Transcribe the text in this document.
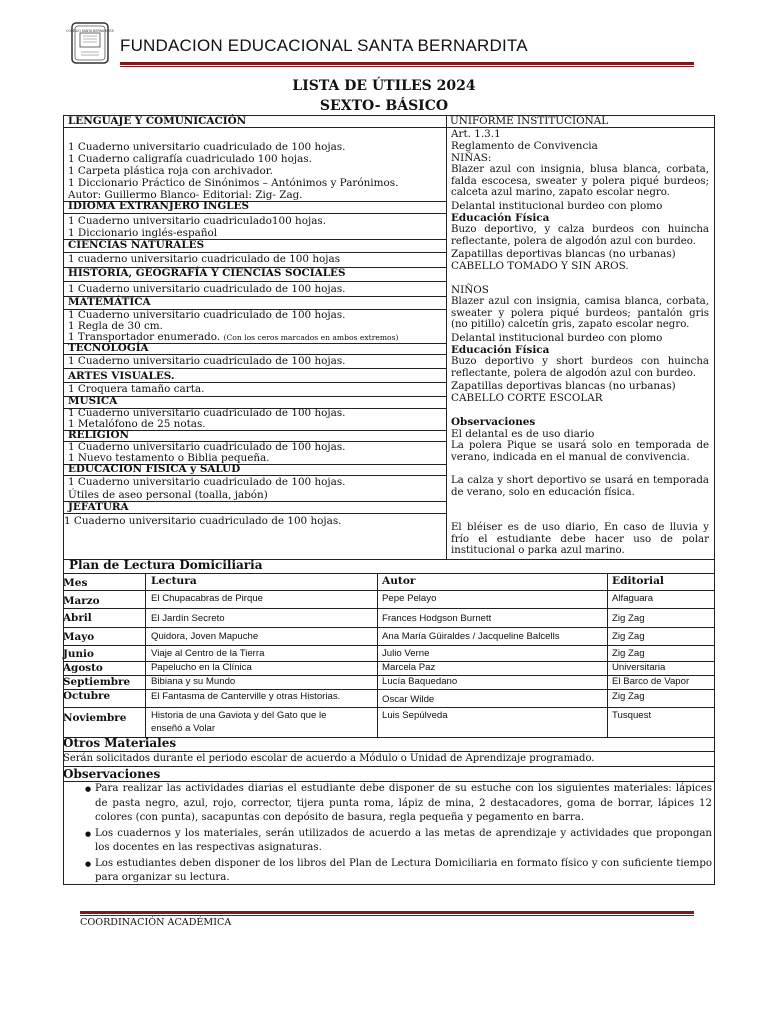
COLEGIO SANTA BERNARDITA
FUNDACION EDUCACIONAL SANTA BERNARDITA
LISTA DE ÚTILES 2024
SEXTO- BÁSICO
LENGUAJE Y COMUNICACIÓN
1 Cuaderno universitario cuadriculado de 100 hojas.
1 Cuaderno caligrafía cuadriculado 100 hojas.
1 Carpeta plástica roja con archivador.
1 Diccionario Práctico de Sinónimos – Antónimos y Parónimos.
Autor: Guillermo Blanco- Editorial: Zig- Zag.
IDIOMA EXTRANJERO INGLES
1 Cuaderno universitario cuadriculado100 hojas.
1 Diccionario inglés-español
CIENCIAS NATURALES
1 cuaderno universitario cuadriculado de 100 hojas
HISTORIA, GEOGRAFÍA Y CIENCIAS SOCIALES
1 Cuaderno universitario cuadriculado de 100 hojas.
MATEMÁTICA
1 Cuaderno universitario cuadriculado de 100 hojas.
1 Regla de 30 cm.
1 Transportador enumerado. (Con los ceros marcados en ambos extremos)
TECNOLOGÍA
1 Cuaderno universitario cuadriculado de 100 hojas.
ARTES VISUALES.
1 Croquera tamaño carta.
MUSICA
1 Cuaderno universitario cuadriculado de 100 hojas.
1 Metalófono de 25 notas.
RELIGION
1 Cuaderno universitario cuadriculado de 100 hojas.
1 Nuevo testamento o Biblia pequeña.
EDUCACION FISICA y SALUD
1 Cuaderno universitario cuadriculado de 100 hojas.
Útiles de aseo personal (toalla, jabón)
JEFATURA
1 Cuaderno universitario cuadriculado de 100 hojas.
UNIFORME INSTITUCIONAL
Art. 1.3.1
Reglamento de Convivencia
NIÑAS:
Blazer azul con insignia, blusa blanca, corbata, falda escocesa, sweater y polera piqué burdeos; calceta azul marino, zapato escolar negro.
Delantal institucional burdeo con plomo
Educación Física
Buzo deportivo, y calza burdeos con huincha reflectante, polera de algodón azul con burdeo.
Zapatillas deportivas blancas (no urbanas)
CABELLO TOMADO Y SIN AROS.
NIÑOS
Blazer azul con insignia, camisa blanca, corbata, sweater y polera piqué burdeos; pantalón gris (no pitillo) calcetín gris, zapato escolar negro.
Delantal institucional burdeo con plomo
Educación Física
Buzo deportivo y short burdeos con huincha reflectante, polera de algodón azul con burdeo.
Zapatillas deportivas blancas (no urbanas)
CABELLO CORTE ESCOLAR
Observaciones
El delantal es de uso diario
La polera Pique se usará solo en temporada de verano, indicada en el manual de convivencia.
La calza y short deportivo se usará en temporada de verano, solo en educación física.
El bléiser es de uso diario, En caso de lluvia y frío el estudiante debe hacer uso de polar institucional o parka azul marino.
Plan de Lectura Domiciliaria
Mes	Lectura	Autor	Editorial
Marzo	El Chupacabras de Pirque	Pepe Pelayo	Alfaguara
Abril	El Jardín Secreto	Frances Hodgson Burnett	Zig Zag
Mayo	Quidora, Joven Mapuche	Ana María Güiraldes / Jacqueline Balcells	Zig Zag
Junio	Viaje al Centro de la Tierra	Julio Verne	Zig Zag
Agosto	Papelucho en la Clínica	Marcela Paz	Universitaria
Septiembre Bibiana y su Mundo	Lucía Baquedano	El Barco de Vapor
Octubre	El Fantasma de Canterville y otras Historias.	Oscar Wilde	Zig Zag
Noviembre	Historia de una Gaviota y del Gato que le
enseñó a Volar
Luis Sepúlveda	Tusquest
Otros Materiales
Serán solicitados durante el periodo escolar de acuerdo a Módulo o Unidad de Aprendizaje programado.
Observaciones
● Para realizar las actividades diarias el estudiante debe disponer de su estuche con los siguientes materiales: lápices de pasta negro, azul, rojo, corrector, tijera punta roma, lápiz de mina, 2 destacadores, goma de borrar, lápices 12 colores (con punta), sacapuntas con depósito de basura, regla pequeña y pegamento en barra.
● Los cuadernos y los materiales, serán utilizados de acuerdo a las metas de aprendizaje y actividades que propongan los docentes en las respectivas asignaturas.
● Los estudiantes deben disponer de los libros del Plan de Lectura Domiciliaria en formato físico y con suficiente tiempo para organizar su lectura.
COORDINACIÓN ACADÉMICA
